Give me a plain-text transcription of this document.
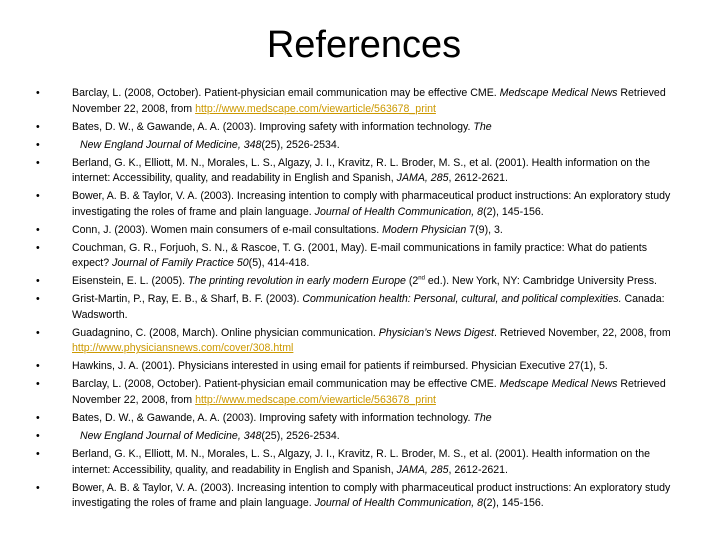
References
•	Barclay, L. (2008, October). Patient-physician email communication may be effective CME. Medscape Medical News Retrieved November 22, 2008, from http://www.medscape.com/viewarticle/563678_print
•	Bates, D. W., & Gawande, A. A. (2003). Improving safety with information technology. The
•	New England Journal of Medicine, 348(25), 2526-2534.
•	Berland, G. K., Elliott, M. N., Morales, L. S., Algazy, J. I., Kravitz, R. L. Broder, M. S., et al. (2001). Health information on the internet: Accessibility, quality, and readability in English and Spanish, JAMA, 285, 2612-2621.
•	Bower, A. B. & Taylor, V. A. (2003). Increasing intention to comply with pharmaceutical product instructions: An exploratory study investigating the roles of frame and plain language. Journal of Health Communication, 8(2), 145-156.
•	Conn, J. (2003). Women main consumers of e-mail consultations. Modern Physician 7(9), 3.
•	Couchman, G. R., Forjuoh, S. N., & Rascoe, T. G. (2001, May). E-mail communications in family practice: What do patients expect? Journal of Family Practice 50(5), 414-418.
•	Eisenstein, E. L. (2005). The printing revolution in early modern Europe (2nd ed.). New York, NY: Cambridge University Press.
•	Grist-Martin, P., Ray, E. B., & Sharf, B. F. (2003). Communication health: Personal, cultural, and political complexities. Canada: Wadsworth.
•	Guadagnino, C. (2008, March). Online physician communication. Physician’s News Digest. Retrieved November, 22, 2008, from http://www.physiciansnews.com/cover/308.html
•	Hawkins, J. A. (2001). Physicians interested in using email for patients if reimbursed. Physician Executive 27(1), 5.
•	Barclay, L. (2008, October). Patient-physician email communication may be effective CME. Medscape Medical News Retrieved November 22, 2008, from http://www.medscape.com/viewarticle/563678_print
•	Bates, D. W., & Gawande, A. A. (2003). Improving safety with information technology. The
•	New England Journal of Medicine, 348(25), 2526-2534.
•	Berland, G. K., Elliott, M. N., Morales, L. S., Algazy, J. I., Kravitz, R. L. Broder, M. S., et al. (2001). Health information on the internet: Accessibility, quality, and readability in English and Spanish, JAMA, 285, 2612-2621.
•	Bower, A. B. & Taylor, V. A. (2003). Increasing intention to comply with pharmaceutical product instructions: An exploratory study investigating the roles of frame and plain language. Journal of Health Communication, 8(2), 145-156.
